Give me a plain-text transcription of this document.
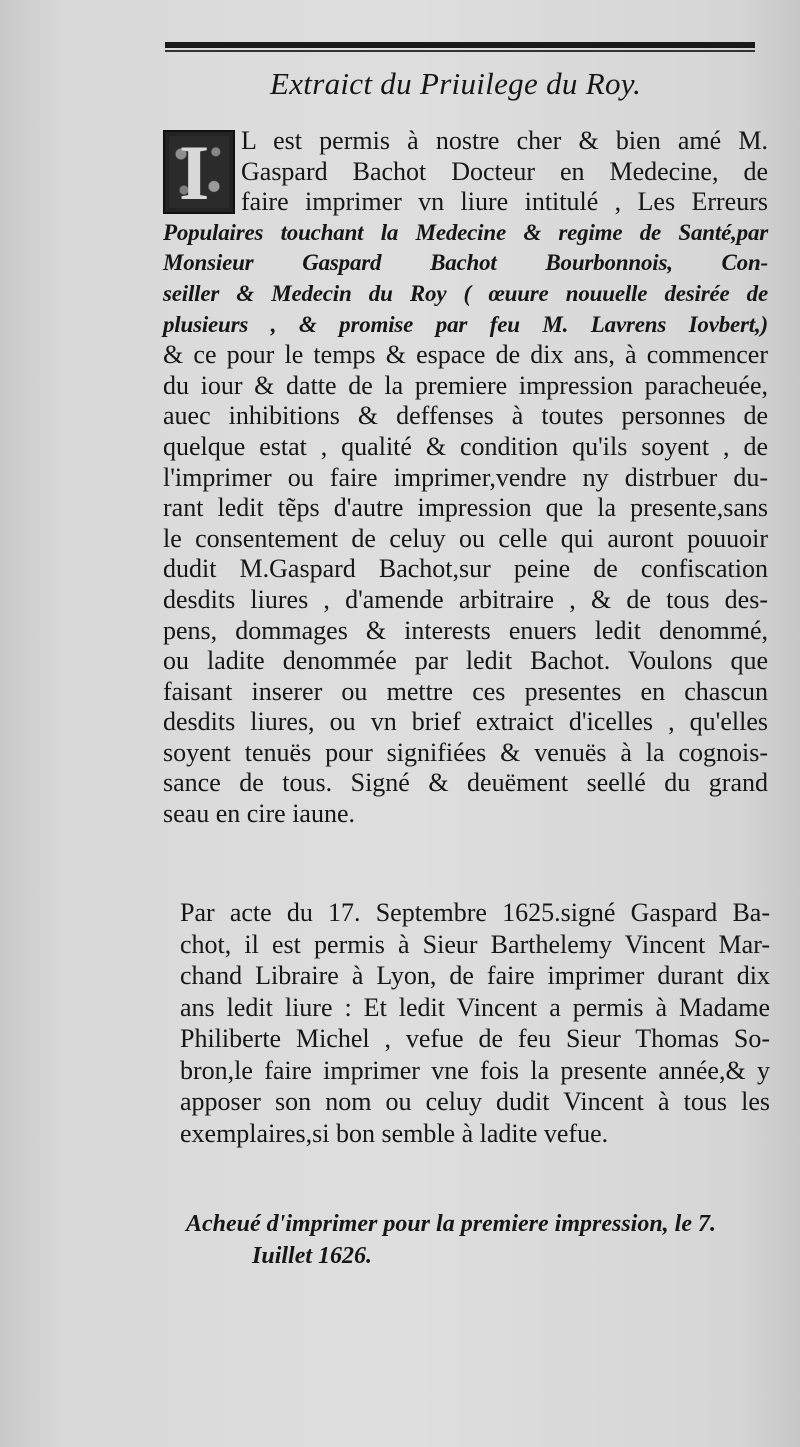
Extraict du Priuilege du Roy.
I	L est permis à nostre cher & bien amé M.
Gaspard Bachot Docteur en Medecine, de
faire imprimer vn liure intitulé , Les Erreurs
Populaires touchant la Medecine & regime de Santé,par
Monsieur Gaspard Bachot Bourbonnois, Con-
seiller & Medecin du Roy ( œuure nouuelle desirée de
plusieurs , & promise par feu M. Lavrens Iovbert,)
& ce pour le temps & espace de dix ans, à commencer
du iour & datte de la premiere impression paracheuée,
auec inhibitions & deffenses à toutes personnes de
quelque estat , qualité & condition qu'ils soyent , de
l'imprimer ou faire imprimer,vendre ny distrbuer du-
rant ledit tẽps d'autre impression que la presente,sans
le consentement de celuy ou celle qui auront pouuoir
dudit M.Gaspard Bachot,sur peine de confiscation
desdits liures , d'amende arbitraire , & de tous des-
pens, dommages & interests enuers ledit denommé,
ou ladite denommée par ledit Bachot. Voulons que
faisant inserer ou mettre ces presentes en chascun
desdits liures, ou vn brief extraict d'icelles , qu'elles
soyent tenuës pour signifiées & venuës à la cognois-
sance de tous. Signé & deuëment seellé du grand
seau en cire iaune.
Par acte du 17. Septembre 1625.signé Gaspard Ba-
chot, il est permis à Sieur Barthelemy Vincent Mar-
chand Libraire à Lyon, de faire imprimer durant dix
ans ledit liure : Et ledit Vincent a permis à Madame
Philiberte Michel , vefue de feu Sieur Thomas So-
bron,le faire imprimer vne fois la presente année,& y
apposer son nom ou celuy dudit Vincent à tous les
exemplaires,si bon semble à ladite vefue.
Acheué d'imprimer pour la premiere impression, le 7.
Iuillet 1626.
